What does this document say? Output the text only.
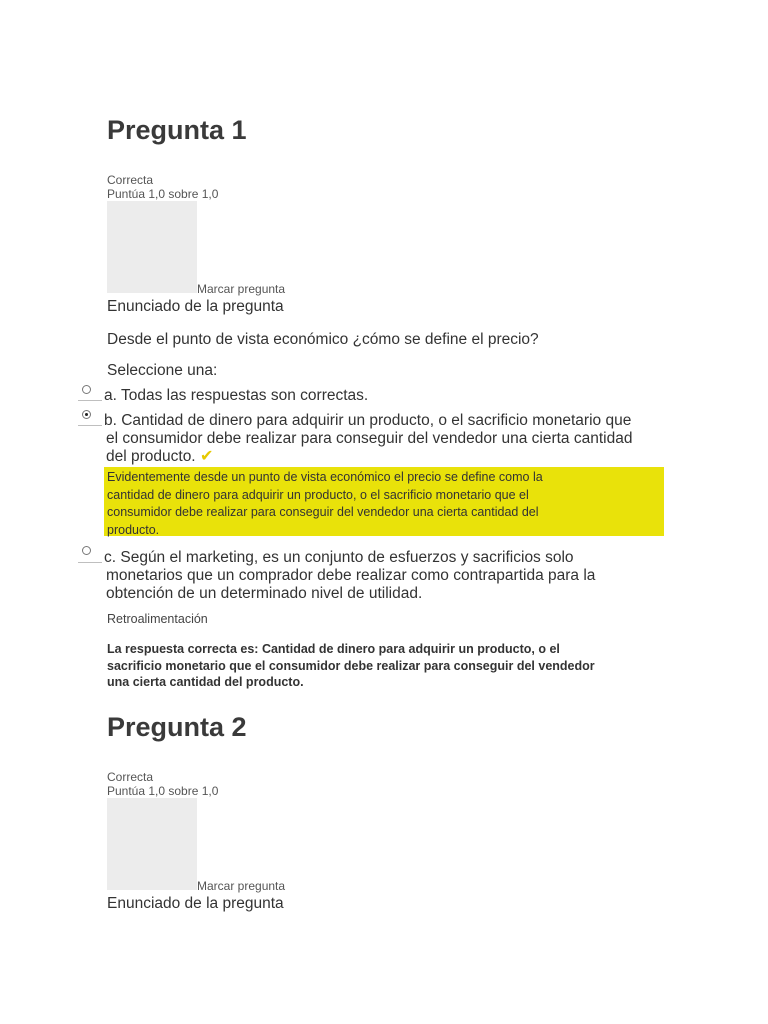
Pregunta 1
Correcta
Puntúa 1,0 sobre 1,0
Marcar pregunta
Enunciado de la pregunta
Desde el punto de vista económico ¿cómo se define el precio?
Seleccione una:
a. Todas las respuestas son correctas.
b. Cantidad de dinero para adquirir un producto, o el sacrificio monetario que
el consumidor debe realizar para conseguir del vendedor una cierta cantidad
del producto. ✔
Evidentemente desde un punto de vista económico el precio se define como la
cantidad de dinero para adquirir un producto, o el sacrificio monetario que el
consumidor debe realizar para conseguir del vendedor una cierta cantidad del
producto.
c. Según el marketing, es un conjunto de esfuerzos y sacrificios solo
monetarios que un comprador debe realizar como contrapartida para la
obtención de un determinado nivel de utilidad.
Retroalimentación
La respuesta correcta es: Cantidad de dinero para adquirir un producto, o el
sacrificio monetario que el consumidor debe realizar para conseguir del vendedor
una cierta cantidad del producto.
Pregunta 2
Correcta
Puntúa 1,0 sobre 1,0
Marcar pregunta
Enunciado de la pregunta
